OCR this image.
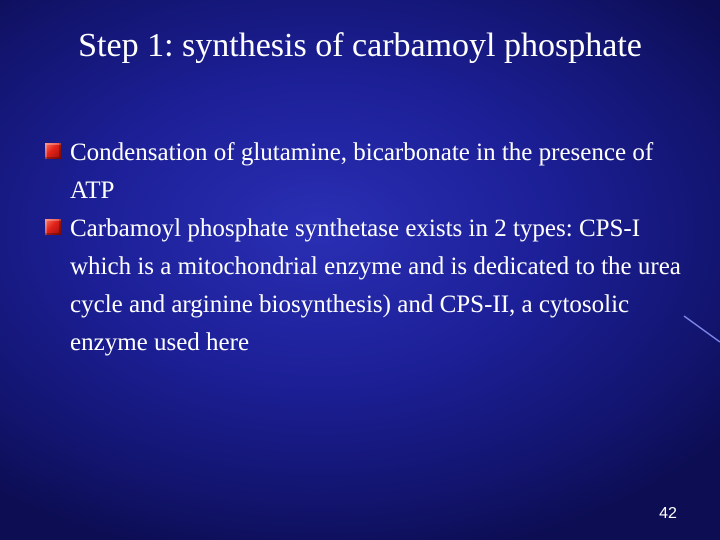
Step 1: synthesis of carbamoyl phosphate
Condensation of glutamine, bicarbonate in the presence of ATP
Carbamoyl phosphate synthetase exists in 2 types: CPS-I which is a mitochondrial enzyme and is dedicated to the urea cycle and arginine biosynthesis) and CPS-II, a cytosolic enzyme used here
42
